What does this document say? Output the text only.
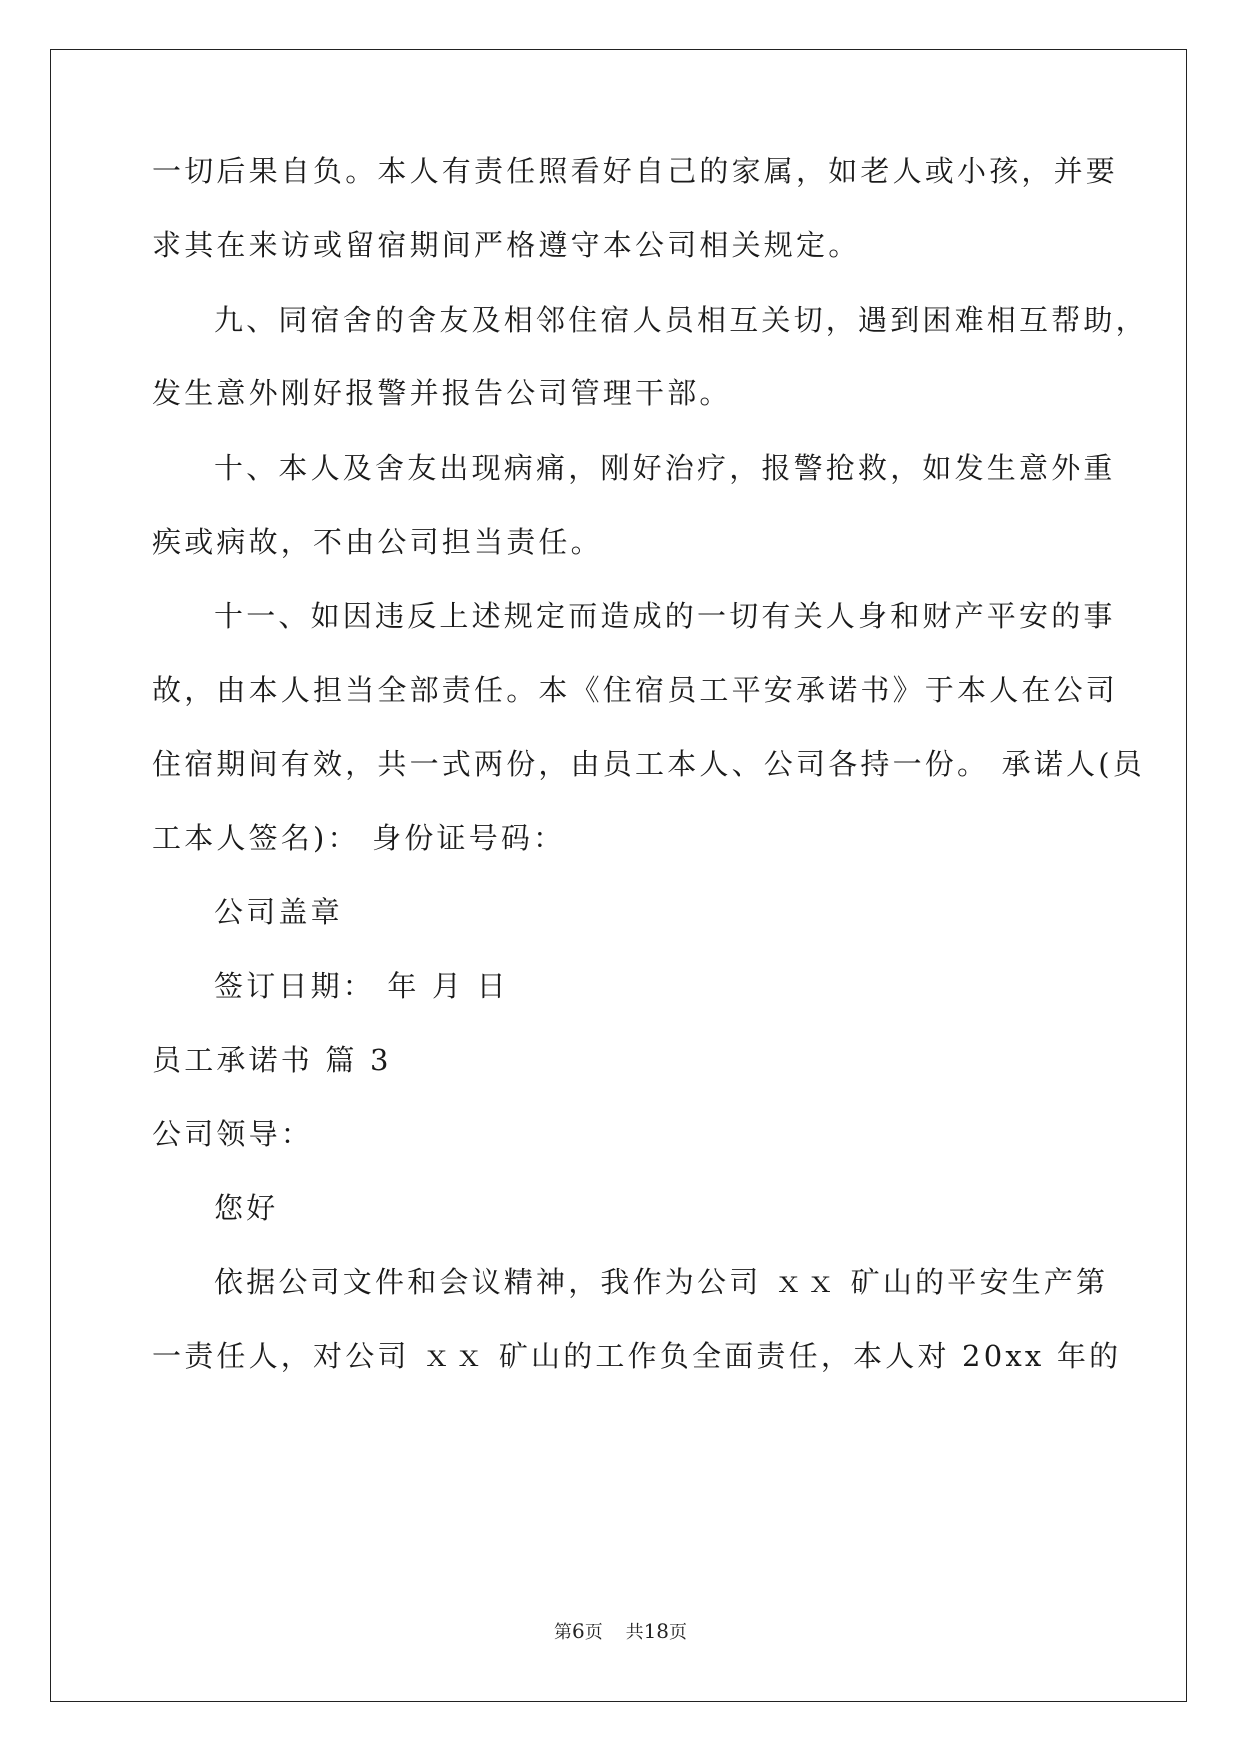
一切后果自负。本人有责任照看好自己的家属，如老人或小孩，并要
求其在来访或留宿期间严格遵守本公司相关规定。
九、同宿舍的舍友及相邻住宿人员相互关切，遇到困难相互帮助，
发生意外刚好报警并报告公司管理干部。
十、本人及舍友出现病痛，刚好治疗，报警抢救，如发生意外重
疾或病故，不由公司担当责任。
十一、如因违反上述规定而造成的一切有关人身和财产平安的事
故，由本人担当全部责任。本《住宿员工平安承诺书》于本人在公司
住宿期间有效，共一式两份，由员工本人、公司各持一份。 承诺人(员
工本人签名)： 身份证号码：
公司盖章
签订日期： 年 月 日
员工承诺书 篇 3
公司领导：
您好
依据公司文件和会议精神，我作为公司 ｘｘ 矿山的平安生产第
一责任人，对公司 ｘｘ 矿山的工作负全面责任，本人对 20xx 年的
第6页 共18页
